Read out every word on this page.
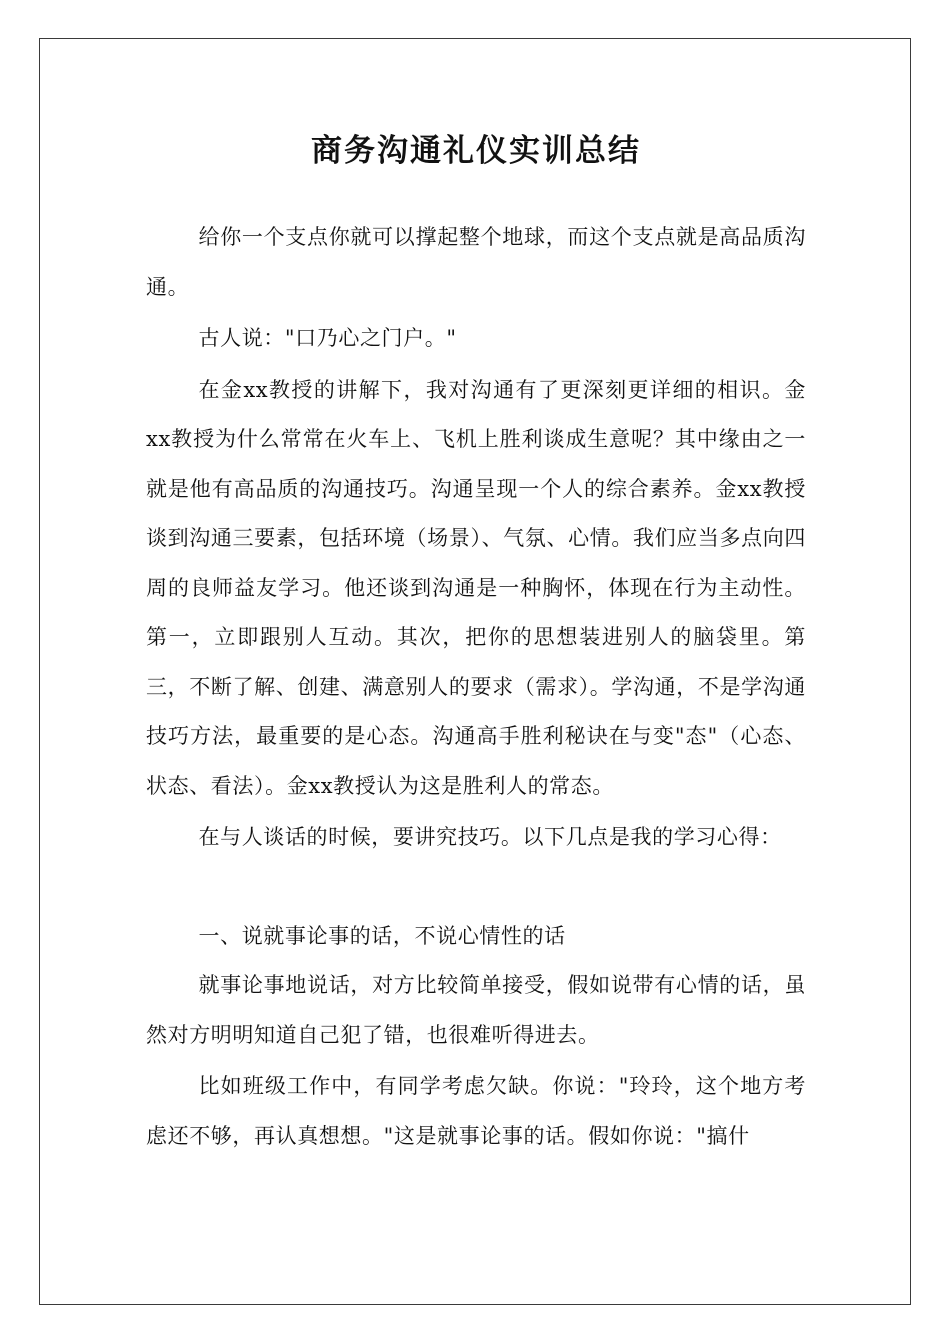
商务沟通礼仪实训总结

给你一个支点你就可以撑起整个地球，而这个支点就是高品质沟通。

古人说："口乃心之门户。"

在金xx教授的讲解下，我对沟通有了更深刻更详细的相识。金xx教授为什么常常在火车上、飞机上胜利谈成生意呢？其中缘由之一就是他有高品质的沟通技巧。沟通呈现一个人的综合素养。金xx教授谈到沟通三要素，包括环境（场景）、气氛、心情。我们应当多点向四周的良师益友学习。他还谈到沟通是一种胸怀，体现在行为主动性。第一，立即跟别人互动。其次，把你的思想装进别人的脑袋里。第三，不断了解、创建、满意别人的要求（需求）。学沟通，不是学沟通技巧方法，最重要的是心态。沟通高手胜利秘诀在与变"态"（心态、状态、看法）。金xx教授认为这是胜利人的常态。

在与人谈话的时候，要讲究技巧。以下几点是我的学习心得：

一、说就事论事的话，不说心情性的话

就事论事地说话，对方比较简单接受，假如说带有心情的话，虽然对方明明知道自己犯了错，也很难听得进去。

比如班级工作中，有同学考虑欠缺。你说："玲玲，这个地方考虑还不够，再认真想想。"这是就事论事的话。假如你说："搞什
